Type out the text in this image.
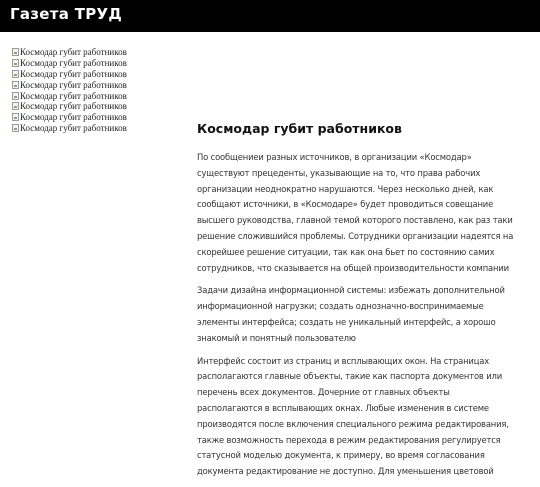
Газета ТРУД
Космодар губит работников
Космодар губит работников
Космодар губит работников
Космодар губит работников
Космодар губит работников
Космодар губит работников
Космодар губит работников
Космодар губит работников	Космодар губит работников

По сообщениеи разных источников, в организации «Космодар» существуют прецеденты, указывающие на то, что права рабочих организации неоднократно нарушаются. Через несколько дней, как сообщают источники, в «Космодаре» будет проводиться совещание высшего руководства, главной темой которого поставлено, как раз таки решение сложившийся проблемы. Сотрудники организации надеятся на скорейшее решение ситуации, так как она бьет по состоянию самих сотрудников, что сказывается на общей производительности компании

Задачи дизайна информационной системы: избежать дополнительной информационной нагрузки; создать однозначно-воспринимаемые элементы интерфейса; создать не уникальный интерфейс, а хорошо знакомый и понятный пользователю

Интерфейс состоит из страниц и всплывающих окон. На страницах располагаются главные объекты, такие как паспорта документов или перечень всех документов. Дочерние от главных объекты располагаются в всплывающих окнах. Любые изменения в системе производятся после включения специального режима редактирования, также возможность перехода в режим редактирования регулируется статусной моделью документа, к примеру, во время согласования документа редактирование не доступно. Для уменьшения цветовой
